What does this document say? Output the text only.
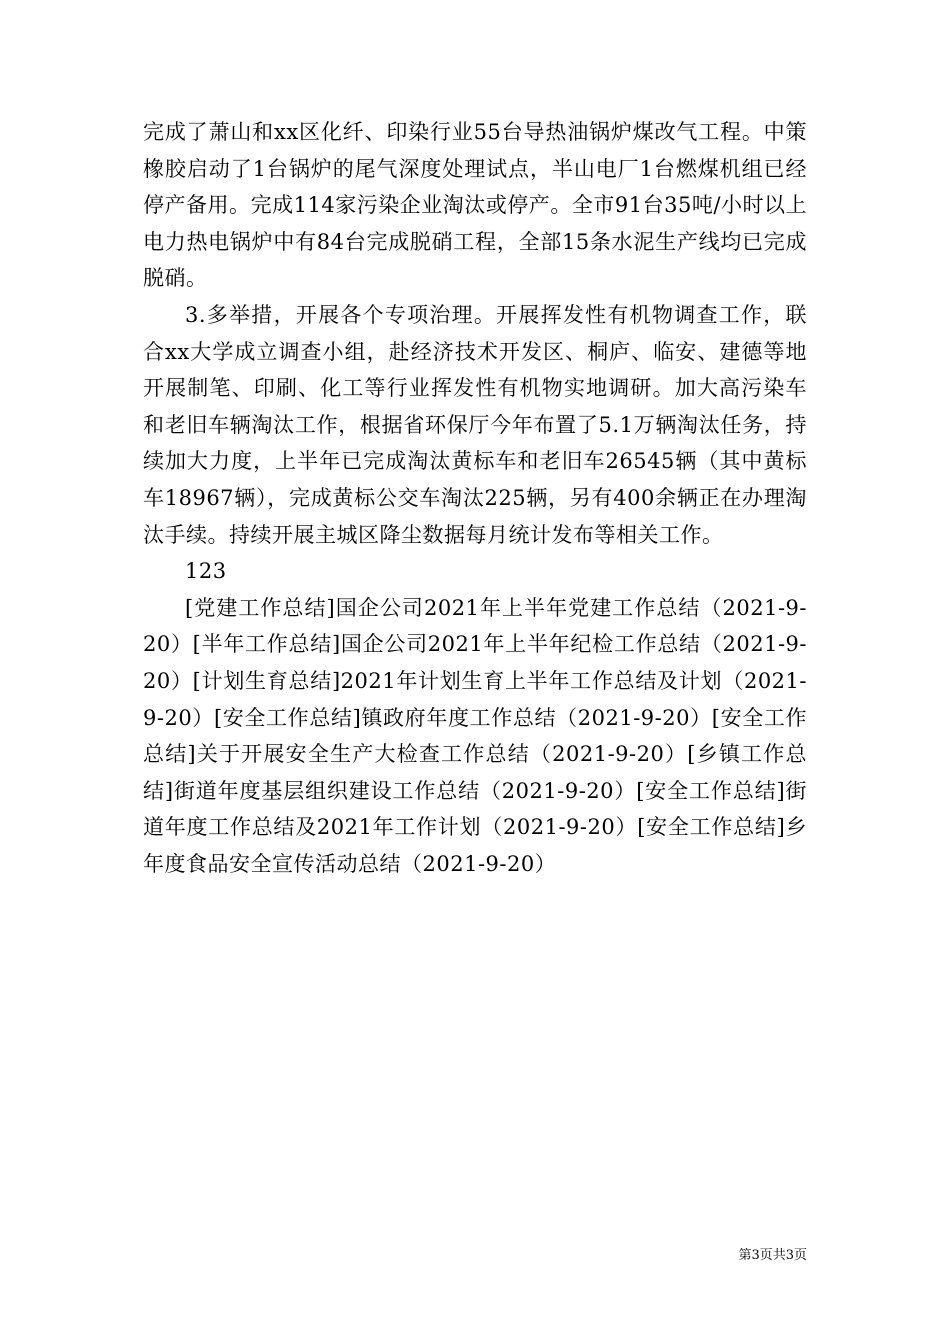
完成了萧山和xx区化纤、印染行业55台导热油锅炉煤改气工程。中策橡胶启动了1台锅炉的尾气深度处理试点，半山电厂1台燃煤机组已经停产备用。完成114家污染企业淘汰或停产。全市91台35吨/小时以上电力热电锅炉中有84台完成脱硝工程，全部15条水泥生产线均已完成脱硝。

3.多举措，开展各个专项治理。开展挥发性有机物调查工作，联合xx大学成立调查小组，赴经济技术开发区、桐庐、临安、建德等地开展制笔、印刷、化工等行业挥发性有机物实地调研。加大高污染车和老旧车辆淘汰工作，根据省环保厅今年布置了5.1万辆淘汰任务，持续加大力度，上半年已完成淘汰黄标车和老旧车26545辆（其中黄标车18967辆），完成黄标公交车淘汰225辆，另有400余辆正在办理淘汰手续。持续开展主城区降尘数据每月统计发布等相关工作。

123

[党建工作总结]国企公司2021年上半年党建工作总结（2021-9-20）[半年工作总结]国企公司2021年上半年纪检工作总结（2021-9-20）[计划生育总结]2021年计划生育上半年工作总结及计划（2021-9-20）[安全工作总结]镇政府年度工作总结（2021-9-20）[安全工作总结]关于开展安全生产大检查工作总结（2021-9-20）[乡镇工作总结]街道年度基层组织建设工作总结（2021-9-20）[安全工作总结]街道年度工作总结及2021年工作计划（2021-9-20）[安全工作总结]乡年度食品安全宣传活动总结（2021-9-20）

第3页共3页
